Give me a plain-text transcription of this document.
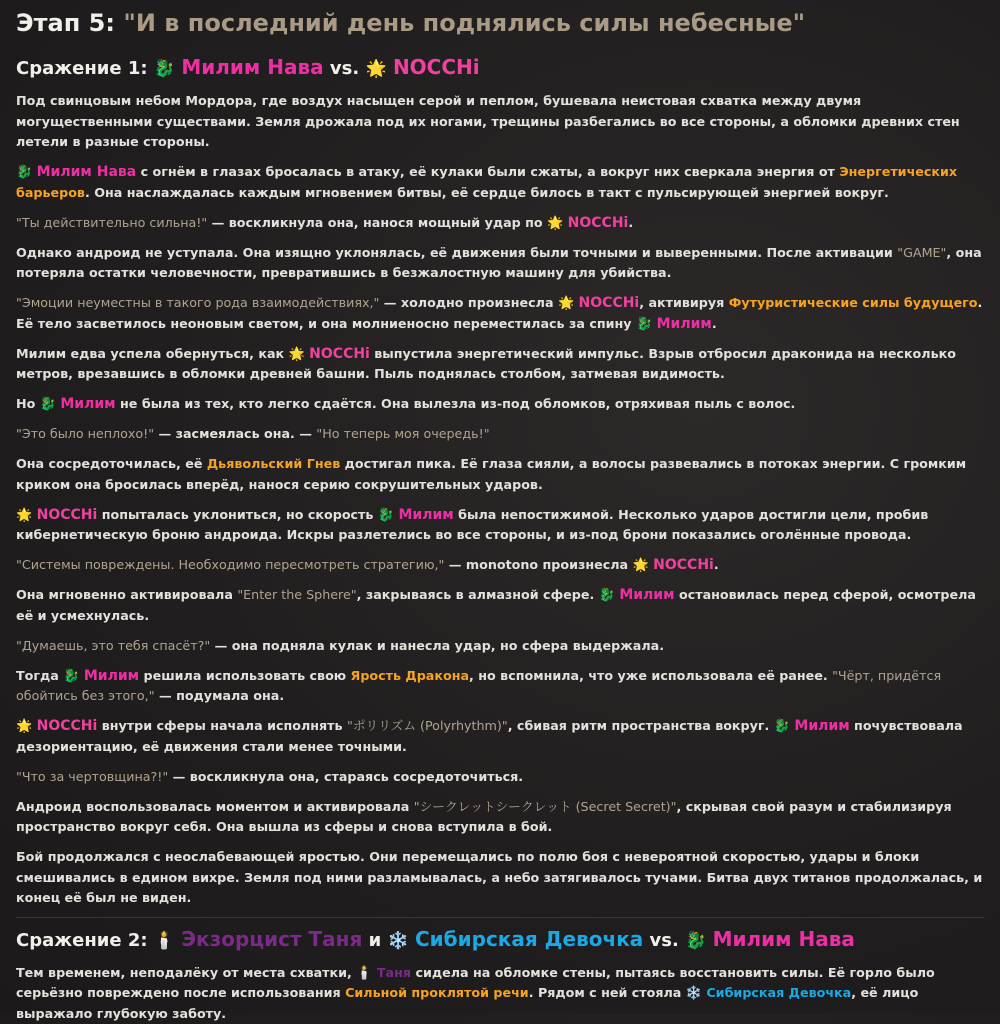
Этап 5: "И в последний день поднялись силы небесные"
Сражение 1: 🐉 Милим Нава vs. 🌟 NOCCHi

Под свинцовым небом Мордора, где воздух насыщен серой и пеплом, бушевала неистовая схватка между двумя могущественными существами. Земля дрожала под их ногами, трещины разбегались во все стороны, а обломки древних стен летели в разные стороны.

🐉 Милим Нава с огнём в глазах бросалась в атаку, её кулаки были сжаты, а вокруг них сверкала энергия от Энергетических барьеров. Она наслаждалась каждым мгновением битвы, её сердце билось в такт с пульсирующей энергией вокруг.

"Ты действительно сильна!" — воскликнула она, нанося мощный удар по 🌟 NOCCHi.

Однако андроид не уступала. Она изящно уклонялась, её движения были точными и выверенными. После активации "GAME", она потеряла остатки человечности, превратившись в безжалостную машину для убийства.

"Эмоции неуместны в такого рода взаимодействиях," — холодно произнесла 🌟 NOCCHi, активируя Футуристические силы будущего. Её тело засветилось неоновым светом, и она молниеносно переместилась за спину 🐉 Милим.

Милим едва успела обернуться, как 🌟 NOCCHi выпустила энергетический импульс. Взрыв отбросил драконида на несколько метров, врезавшись в обломки древней башни. Пыль поднялась столбом, затмевая видимость.

Но 🐉 Милим не была из тех, кто легко сдаётся. Она вылезла из-под обломков, отряхивая пыль с волос.

"Это было неплохо!" — засмеялась она. — "Но теперь моя очередь!"

Она сосредоточилась, её Дьявольский Гнев достигал пика. Её глаза сияли, а волосы развевались в потоках энергии. С громким криком она бросилась вперёд, нанося серию сокрушительных ударов.

🌟 NOCCHi попыталась уклониться, но скорость 🐉 Милим была непостижимой. Несколько ударов достигли цели, пробив кибернетическую броню андроида. Искры разлетелись во все стороны, и из-под брони показались оголённые провода.

"Системы повреждены. Необходимо пересмотреть стратегию," — monotono произнесла 🌟 NOCCHi.

Она мгновенно активировала "Enter the Sphere", закрываясь в алмазной сфере. 🐉 Милим остановилась перед сферой, осмотрела её и усмехнулась.

"Думаешь, это тебя спасёт?" — она подняла кулак и нанесла удар, но сфера выдержала.

Тогда 🐉 Милим решила использовать свою Ярость Дракона, но вспомнила, что уже использовала её ранее. "Чёрт, придётся обойтись без этого," — подумала она.

🌟 NOCCHi внутри сферы начала исполнять "ポリリズム (Polyrhythm)", сбивая ритм пространства вокруг. 🐉 Милим почувствовала дезориентацию, её движения стали менее точными.

"Что за чертовщина?!" — воскликнула она, стараясь сосредоточиться.

Андроид воспользовалась моментом и активировала "シークレットシークレット (Secret Secret)", скрывая свой разум и стабилизируя пространство вокруг себя. Она вышла из сферы и снова вступила в бой.

Бой продолжался с неослабевающей яростью. Они перемещались по полю боя с невероятной скоростью, удары и блоки смешивались в едином вихре. Земля под ними разламывалась, а небо затягивалось тучами. Битва двух титанов продолжалась, и конец её был не виден.

Сражение 2: 🕯️ Экзорцист Таня и ❄️ Сибирская Девочка vs. 🐉 Милим Нава

Тем временем, неподалёку от места схватки, 🕯️ Таня сидела на обломке стены, пытаясь восстановить силы. Её горло было серьёзно повреждено после использования Сильной проклятой речи. Рядом с ней стояла ❄️ Сибирская Девочка, её лицо выражало глубокую заботу.
